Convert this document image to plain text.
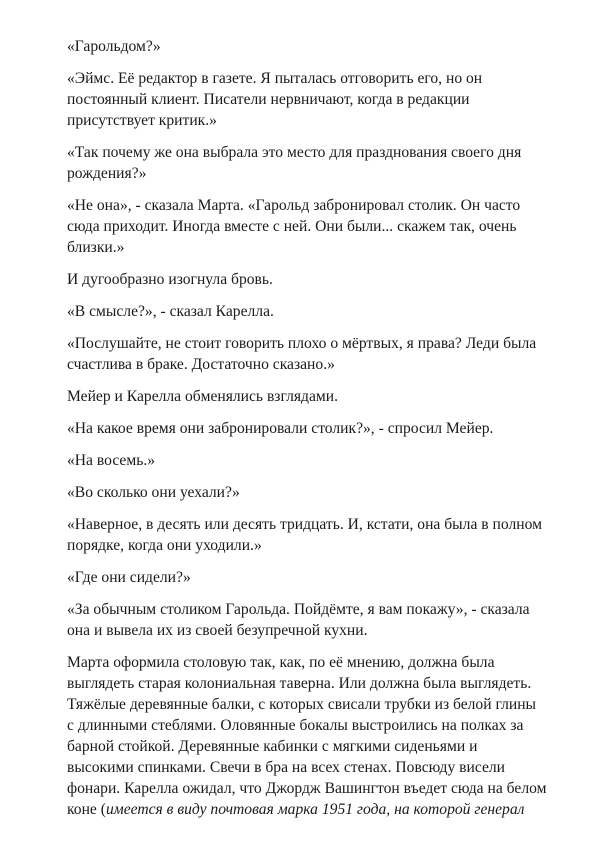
«Гарольдом?»
«Эймс. Её редактор в газете. Я пыталась отговорить его, но он
постоянный клиент. Писатели нервничают, когда в редакции
присутствует критик.»
«Так почему же она выбрала это место для празднования своего дня
рождения?»
«Не она», - сказала Марта. «Гарольд забронировал столик. Он часто
сюда приходит. Иногда вместе с ней. Они были... скажем так, очень
близки.»
И дугообразно изогнула бровь.
«В смысле?», - сказал Карелла.
«Послушайте, не стоит говорить плохо о мёртвых, я права? Леди была
счастлива в браке. Достаточно сказано.»
Мейер и Карелла обменялись взглядами.
«На какое время они забронировали столик?», - спросил Мейер.
«На восемь.»
«Во сколько они уехали?»
«Наверное, в десять или десять тридцать. И, кстати, она была в полном
порядке, когда они уходили.»
«Где они сидели?»
«За обычным столиком Гарольда. Пойдёмте, я вам покажу», - сказала
она и вывела их из своей безупречной кухни.
Марта оформила столовую так, как, по её мнению, должна была
выглядеть старая колониальная таверна. Или должна была выглядеть.
Тяжёлые деревянные балки, с которых свисали трубки из белой глины
с длинными стеблями. Оловянные бокалы выстроились на полках за
барной стойкой. Деревянные кабинки с мягкими сиденьями и
высокими спинками. Свечи в бра на всех стенах. Повсюду висели
фонари. Карелла ожидал, что Джордж Вашингтон въедет сюда на белом
коне (имеется в виду почтовая марка 1951 года, на которой генерал
